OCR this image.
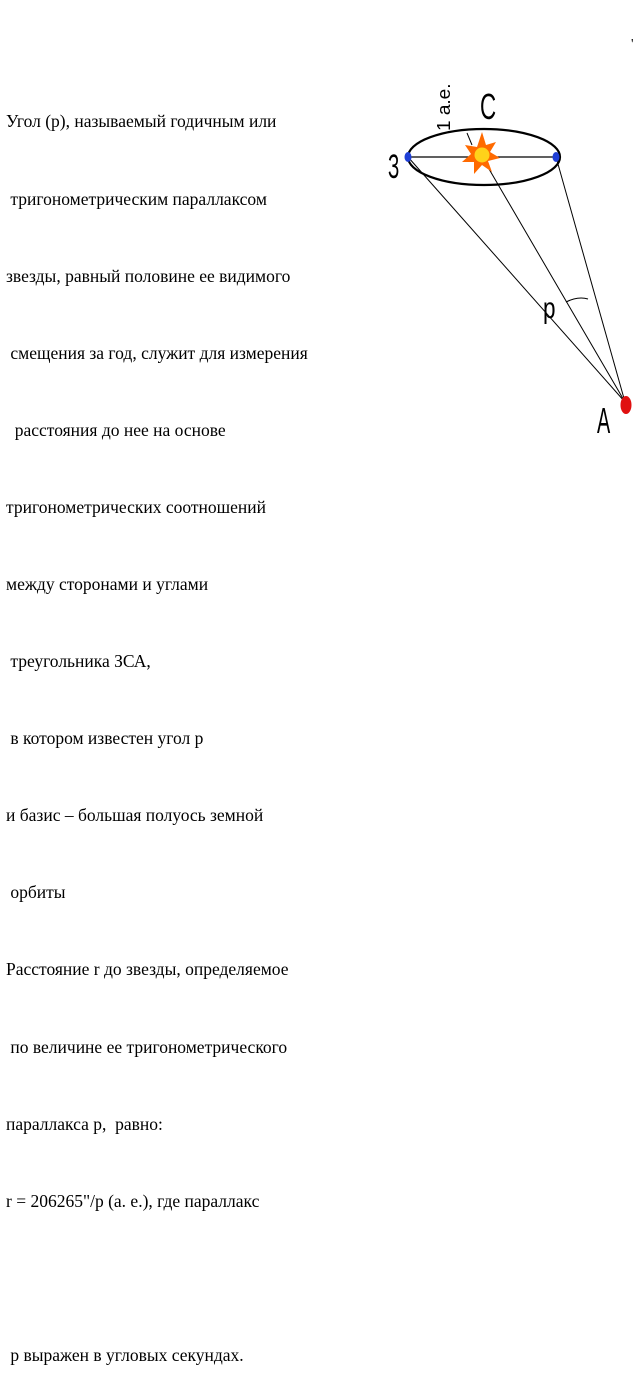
Угол (р), называемый годичным или

тригонометрическим параллаксом

звезды, равный половине ее видимого

смещения за год, служит для измерения

расстояния до нее на основе

тригонометрических соотношений

между сторонами и углами

треугольника ЗСА,

в котором известен угол р

и базис – большая полуось земной

орбиты

Расстояние r до звезды, определяемое

по величине ее тригонометрического

параллакса р,  равно:

r = 206265"/р (а. е.), где параллакс

р выражен в угловых секундах.

'
С
З
А
1 а.е.
р
